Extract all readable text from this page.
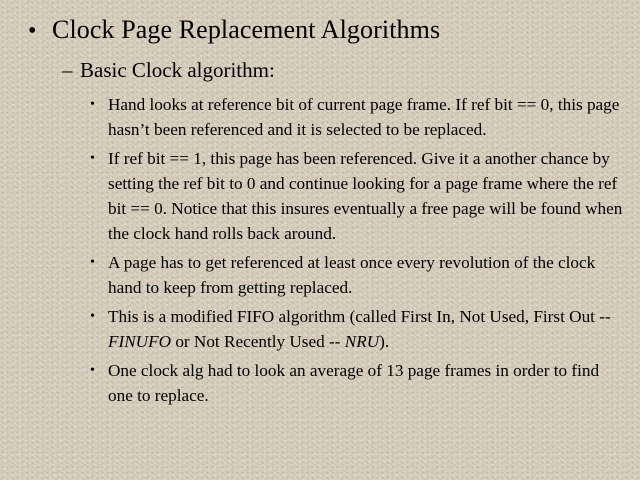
• Clock Page Replacement Algorithms
– Basic Clock algorithm:
• Hand looks at reference bit of current page frame. If ref bit == 0, this page hasn’t been referenced and it is selected to be replaced.
• If ref bit == 1, this page has been referenced. Give it a another chance by setting the ref bit to 0 and continue looking for a page frame where the ref bit == 0. Notice that this insures eventually a free page will be found when the clock hand rolls back around.
• A page has to get referenced at least once every revolution of the clock hand to keep from getting replaced.
• This is a modified FIFO algorithm (called First In, Not Used, First Out -- FINUFO or Not Recently Used -- NRU).
• One clock alg had to look an average of 13 page frames in order to find one to replace.
